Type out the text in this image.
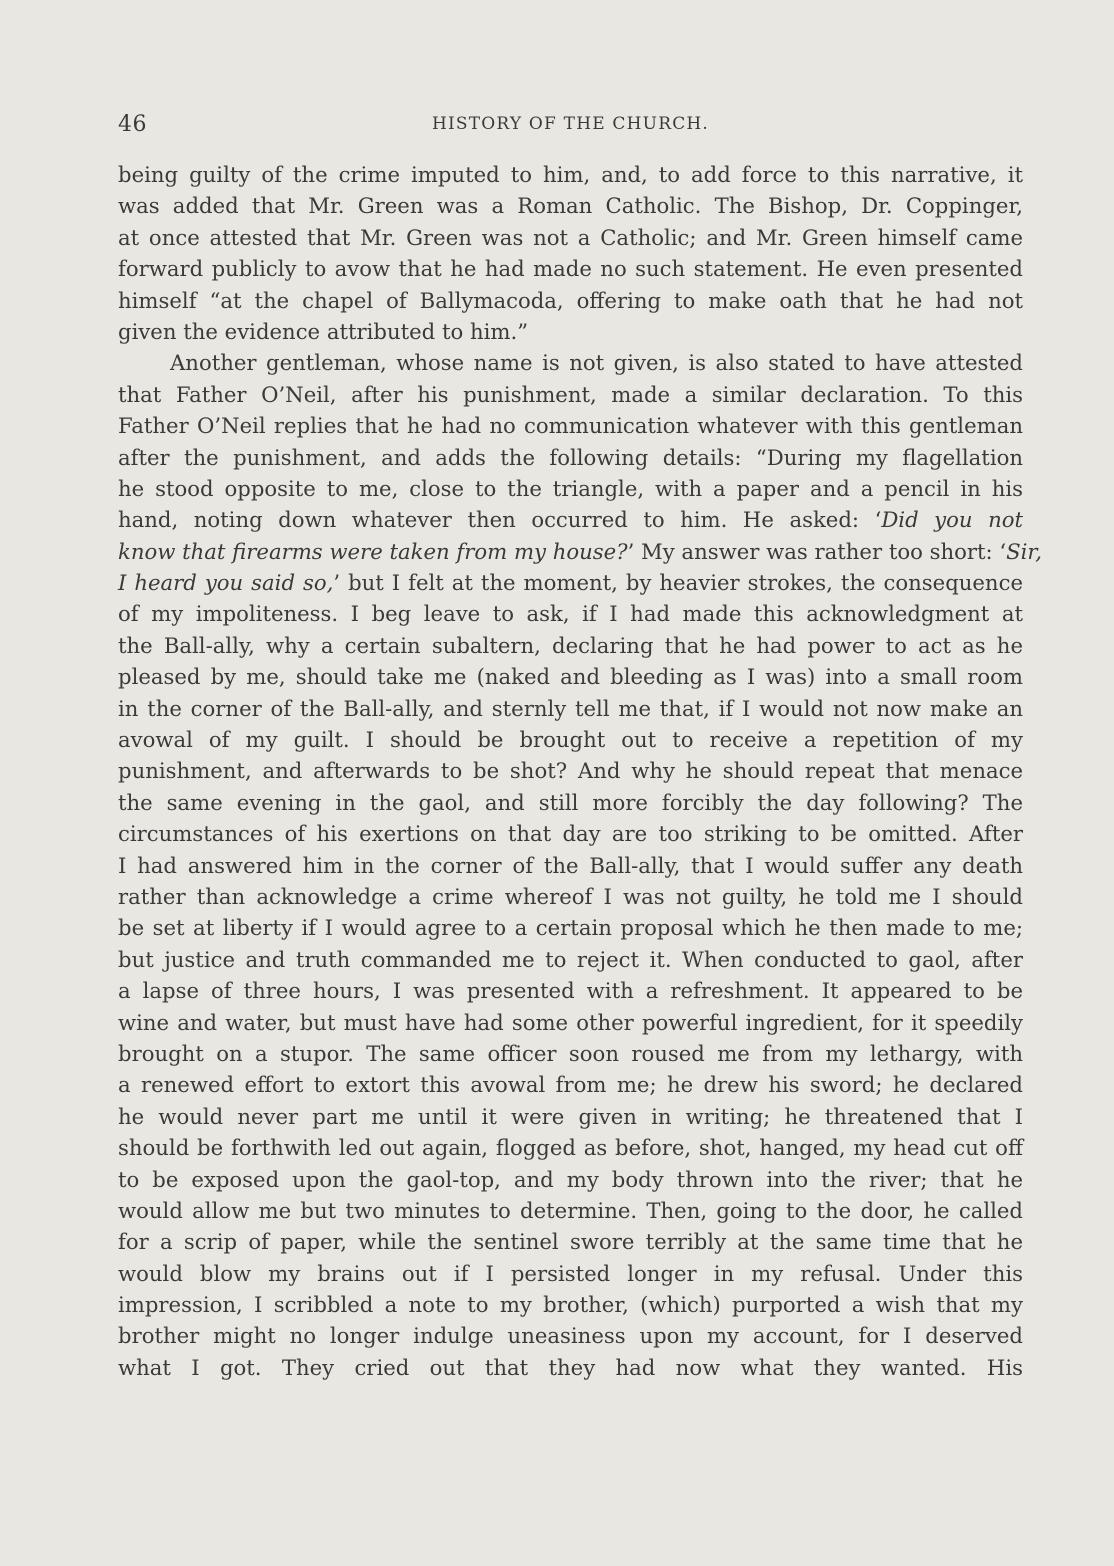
46	HISTORY OF THE CHURCH.
being guilty of the crime imputed to him, and, to add force to this narrative, it
was added that Mr. Green was a Roman Catholic. The Bishop, Dr. Coppinger,
at once attested that Mr. Green was not a Catholic; and Mr. Green himself came
forward publicly to avow that he had made no such statement. He even presented
himself “at the chapel of Ballymacoda, offering to make oath that he had not
given the evidence attributed to him.”
Another gentleman, whose name is not given, is also stated to have attested
that Father O’Neil, after his punishment, made a similar declaration. To this
Father O’Neil replies that he had no communication whatever with this gentleman
after the punishment, and adds the following details: “During my flagellation
he stood opposite to me, close to the triangle, with a paper and a pencil in his
hand, noting down whatever then occurred to him. He asked: ‘Did you not
know that firearms were taken from my house?’ My answer was rather too short: ‘Sir,
I heard you said so,’ but I felt at the moment, by heavier strokes, the consequence
of my impoliteness. I beg leave to ask, if I had made this acknowledgment at
the Ball-ally, why a certain subaltern, declaring that he had power to act as he
pleased by me, should take me (naked and bleeding as I was) into a small room
in the corner of the Ball-ally, and sternly tell me that, if I would not now make an
avowal of my guilt. I should be brought out to receive a repetition of my
punishment, and afterwards to be shot? And why he should repeat that menace
the same evening in the gaol, and still more forcibly the day following? The
circumstances of his exertions on that day are too striking to be omitted. After
I had answered him in the corner of the Ball-ally, that I would suffer any death
rather than acknowledge a crime whereof I was not guilty, he told me I should
be set at liberty if I would agree to a certain proposal which he then made to me;
but justice and truth commanded me to reject it. When conducted to gaol, after
a lapse of three hours, I was presented with a refreshment. It appeared to be
wine and water, but must have had some other powerful ingredient, for it speedily
brought on a stupor. The same officer soon roused me from my lethargy, with
a renewed effort to extort this avowal from me; he drew his sword; he declared
he would never part me until it were given in writing; he threatened that I
should be forthwith led out again, flogged as before, shot, hanged, my head cut off
to be exposed upon the gaol-top, and my body thrown into the river; that he
would allow me but two minutes to determine. Then, going to the door, he called
for a scrip of paper, while the sentinel swore terribly at the same time that he
would blow my brains out if I persisted longer in my refusal. Under this
impression, I scribbled a note to my brother, (which) purported a wish that my
brother might no longer indulge uneasiness upon my account, for I deserved
what I got. They cried out that they had now what they wanted. His
